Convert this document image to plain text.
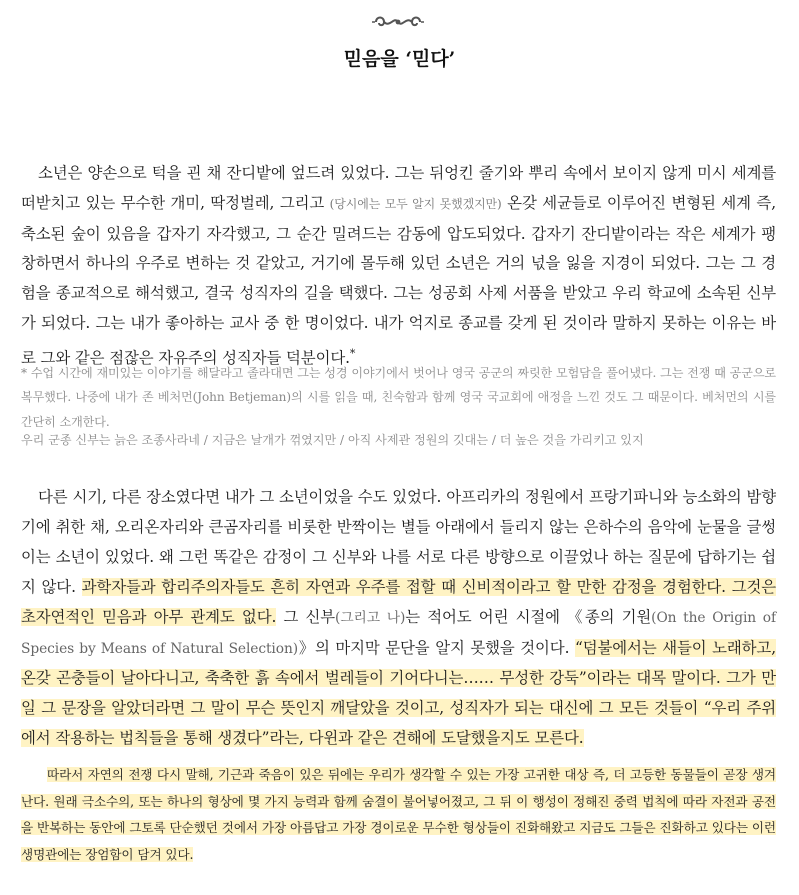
믿음을 ‘믿다’

소년은 양손으로 턱을 괸 채 잔디밭에 엎드려 있었다. 그는 뒤엉킨 줄기와 뿌리 속에서 보이지 않게 미시 세계를 떠받치고 있는 무수한 개미, 딱정벌레, 그리고 (당시에는 모두 알지 못했겠지만) 온갖 세균들로 이루어진 변형된 세계 즉, 축소된 숲이 있음을 갑자기 자각했고, 그 순간 밀려드는 감동에 압도되었다. 갑자기 잔디밭이라는 작은 세계가 팽창하면서 하나의 우주로 변하는 것 같았고, 거기에 몰두해 있던 소년은 거의 넋을 잃을 지경이 되었다. 그는 그 경험을 종교적으로 해석했고, 결국 성직자의 길을 택했다. 그는 성공회 사제 서품을 받았고 우리 학교에 소속된 신부가 되었다. 그는 내가 좋아하는 교사 중 한 명이었다. 내가 억지로 종교를 갖게 된 것이라 말하지 못하는 이유는 바로 그와 같은 점잖은 자유주의 성직자들 덕분이다.*

* 수업 시간에 재미있는 이야기를 해달라고 졸라대면 그는 성경 이야기에서 벗어나 영국 공군의 짜릿한 모험담을 풀어냈다. 그는 전쟁 때 공군으로 복무했다. 나중에 내가 존 베처먼(John Betjeman)의 시를 읽을 때, 친숙함과 함께 영국 국교회에 애정을 느낀 것도 그 때문이다. 베처먼의 시를 간단히 소개한다.

우리 군종 신부는 늙은 조종사라네 / 지금은 날개가 꺾였지만 / 아직 사제관 정원의 깃대는 / 더 높은 것을 가리키고 있지

다른 시기, 다른 장소였다면 내가 그 소년이었을 수도 있었다. 아프리카의 정원에서 프랑기파니와 능소화의 밤향기에 취한 채, 오리온자리와 큰곰자리를 비롯한 반짝이는 별들 아래에서 들리지 않는 은하수의 음악에 눈물을 글썽이는 소년이 있었다. 왜 그런 똑같은 감정이 그 신부와 나를 서로 다른 방향으로 이끌었나 하는 질문에 답하기는 쉽지 않다. 과학자들과 합리주의자들도 흔히 자연과 우주를 접할 때 신비적이라고 할 만한 감정을 경험한다. 그것은 초자연적인 믿음과 아무 관계도 없다. 그 신부(그리고 나)는 적어도 어린 시절에 《종의 기원(On the Origin of Species by Means of Natural Selection)》의 마지막 문단을 알지 못했을 것이다. “덤불에서는 새들이 노래하고, 온갖 곤충들이 날아다니고, 축축한 흙 속에서 벌레들이 기어다니는…… 무성한 강둑”이라는 대목 말이다. 그가 만일 그 문장을 알았더라면 그 말이 무슨 뜻인지 깨달았을 것이고, 성직자가 되는 대신에 그 모든 것들이 “우리 주위에서 작용하는 법칙들을 통해 생겼다”라는, 다윈과 같은 견해에 도달했을지도 모른다.

따라서 자연의 전쟁 다시 말해, 기근과 죽음이 있은 뒤에는 우리가 생각할 수 있는 가장 고귀한 대상 즉, 더 고등한 동물들이 곧장 생겨난다. 원래 극소수의, 또는 하나의 형상에 몇 가지 능력과 함께 숨결이 불어넣어졌고, 그 뒤 이 행성이 정해진 중력 법칙에 따라 자전과 공전을 반복하는 동안에 그토록 단순했던 것에서 가장 아름답고 가장 경이로운 무수한 형상들이 진화해왔고 지금도 그들은 진화하고 있다는 이런 생명관에는 장엄함이 담겨 있다.
